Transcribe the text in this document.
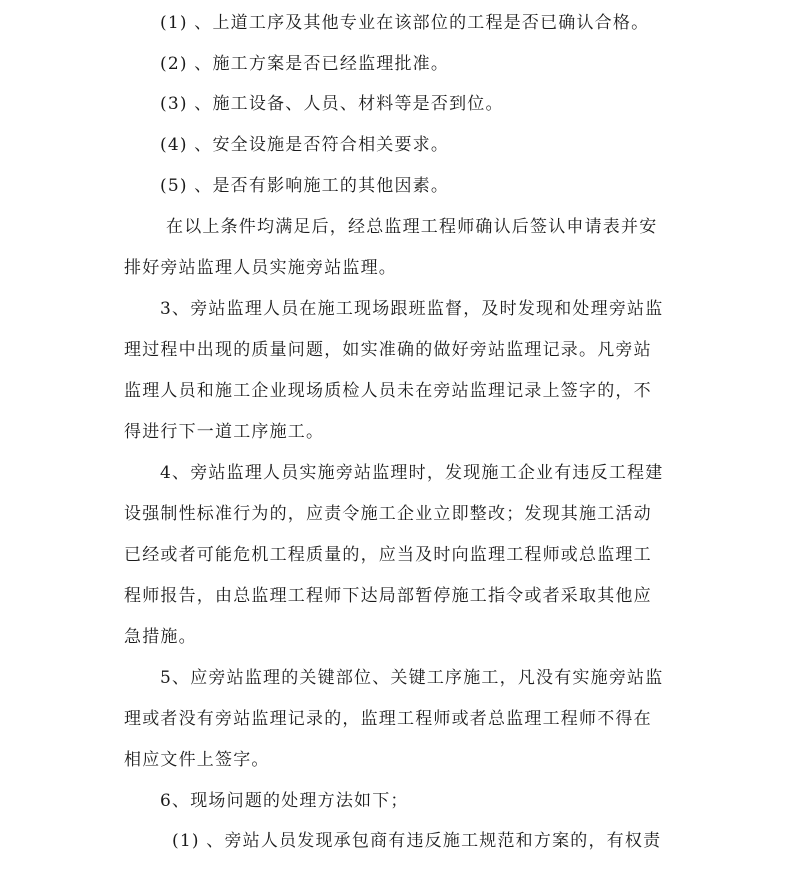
(1) 、上道工序及其他专业在该部位的工程是否已确认合格。
(2) 、施工方案是否已经监理批准。
(3) 、施工设备、人员、材料等是否到位。
(4) 、安全设施是否符合相关要求。
(5) 、是否有影响施工的其他因素。
在以上条件均满足后，经总监理工程师确认后签认申请表并安
排好旁站监理人员实施旁站监理。
3、旁站监理人员在施工现场跟班监督，及时发现和处理旁站监
理过程中出现的质量问题，如实准确的做好旁站监理记录。凡旁站
监理人员和施工企业现场质检人员未在旁站监理记录上签字的，不
得进行下一道工序施工。
4、旁站监理人员实施旁站监理时，发现施工企业有违反工程建
设强制性标准行为的，应责令施工企业立即整改；发现其施工活动
已经或者可能危机工程质量的，应当及时向监理工程师或总监理工
程师报告，由总监理工程师下达局部暂停施工指令或者采取其他应
急措施。
5、应旁站监理的关键部位、关键工序施工，凡没有实施旁站监
理或者没有旁站监理记录的，监理工程师或者总监理工程师不得在
相应文件上签字。
6、现场问题的处理方法如下；
(1) 、旁站人员发现承包商有违反施工规范和方案的，有权责
